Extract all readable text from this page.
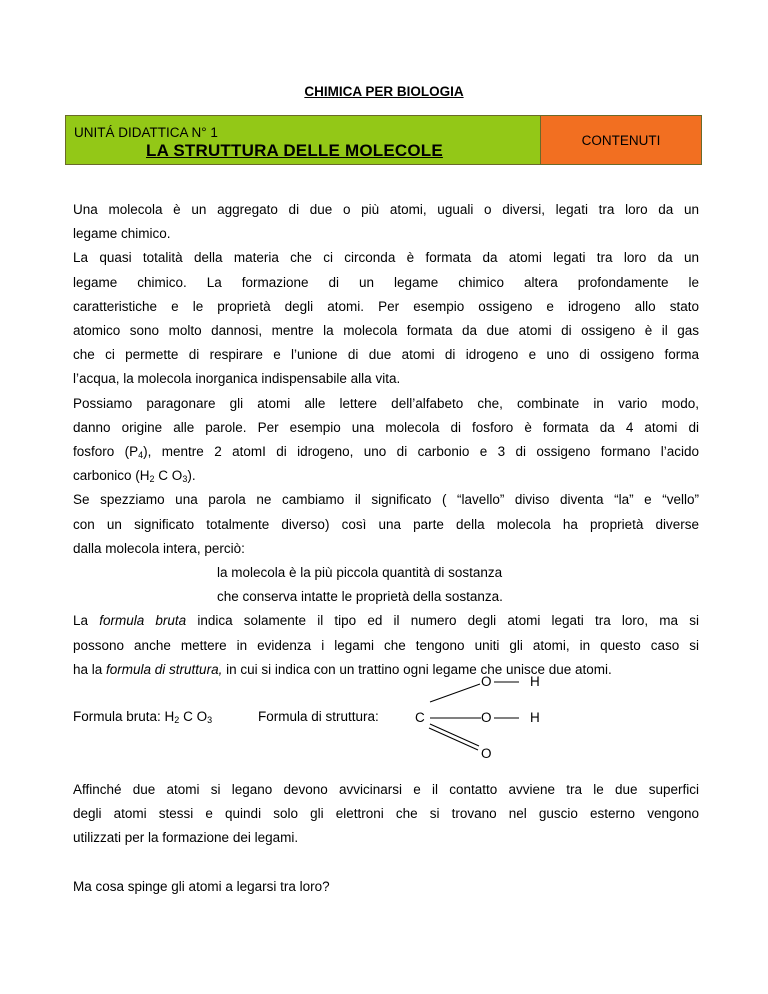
CHIMICA PER BIOLOGIA
UNITÁ DIDATTICA N° 1
LA STRUTTURA DELLE MOLECOLE
CONTENUTI

Una molecola è un aggregato di due o più atomi, uguali o diversi, legati tra loro da un

legame chimico.

La quasi totalità della materia che ci circonda è formata da atomi legati tra loro da un

legame chimico. La formazione di un legame chimico altera profondamente le

caratteristiche e le proprietà degli atomi. Per esempio ossigeno e idrogeno allo stato

atomico sono molto dannosi, mentre la molecola formata da due atomi di ossigeno è il gas

che ci permette di respirare e l’unione di due atomi di idrogeno e uno di ossigeno forma

l’acqua, la molecola inorganica indispensabile alla vita.

Possiamo paragonare gli atomi alle lettere dell’alfabeto che, combinate in vario modo,

danno origine alle parole. Per esempio una molecola di fosforo è formata da 4 atomi di

fosforo $(P_4)$, mentre 2 atomI di idrogeno, uno di carbonio e 3 di ossigeno formano l’acido

carbonico ($H_2$ C $O_3$).

Se spezziamo una parola ne cambiamo il significato ( “lavello” diviso diventa “la” e “vello”

con un significato totalmente diverso) così una parte della molecola ha proprietà diverse

dalla molecola intera, perciò:

la molecola è la più piccola quantità di sostanza

che conserva intatte le proprietà della sostanza.

La formula bruta indica solamente il tipo ed il numero degli atomi legati tra loro, ma si

possono anche mettere in evidenza i legami che tengono uniti gli atomi, in questo caso si

ha la formula di struttura, in cui si indica con un trattino ogni legame che unisce due atomi.

Formula bruta: $H_2$ C $O_3$	Formula di struttura:	C
O
O
O
H
H

Affinché due atomi si legano devono avvicinarsi e il contatto avviene tra le due superfici

degli atomi stessi e quindi solo gli elettroni che si trovano nel guscio esterno vengono

utilizzati per la formazione dei legami.

Ma cosa spinge gli atomi a legarsi tra loro?
